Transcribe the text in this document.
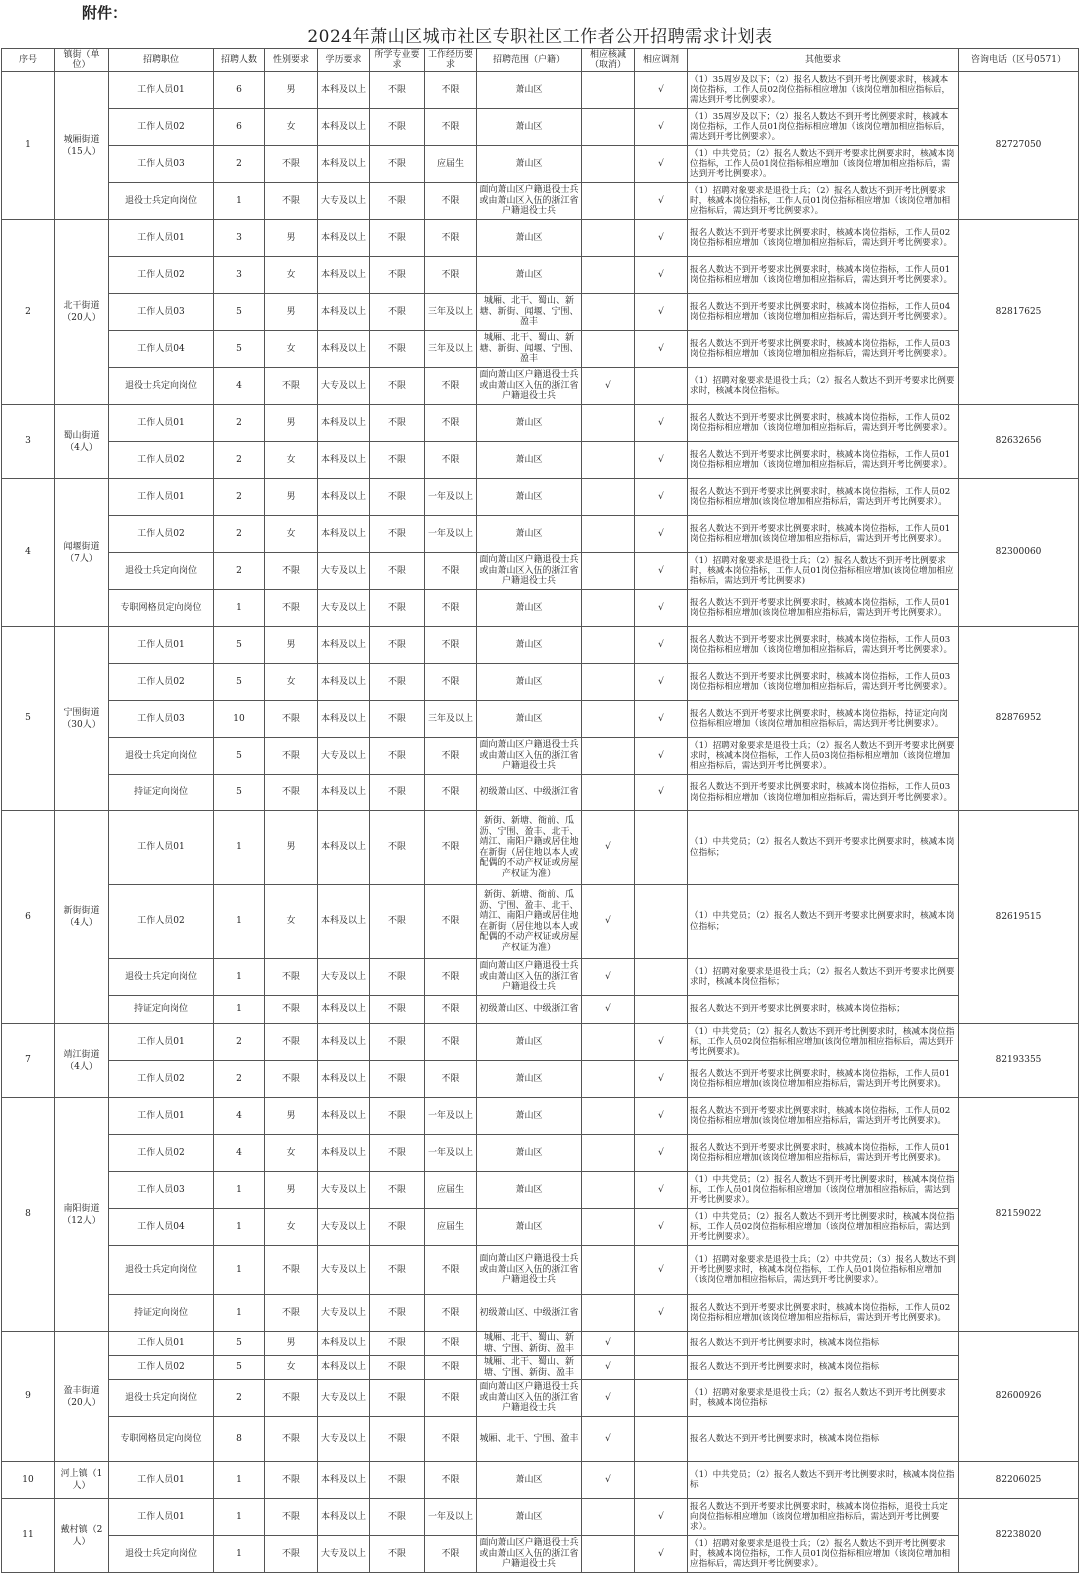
附件：
2024年萧山区城市社区专职社区工作者公开招聘需求计划表
序号	镇街（单位）	招聘职位	招聘人数	性别要求	学历要求	所学专业要求	工作经历要求	招聘范围（户籍）	相应核减（取消）	相应调剂	其他要求	咨询电话（区号0571）
1	城厢街道（15人）	工作人员01	6	男	本科及以上	不限	不限	萧山区		√	（1）35周岁及以下；（2）报名人数达不到开考比例要求时，核减本岗位指标，工作人员02岗位指标相应增加（该岗位增加相应指标后，需达到开考比例要求）。	82727050
		工作人员02	6	女	本科及以上	不限	不限	萧山区		√	（1）35周岁及以下；（2）报名人数达不到开考比例要求时，核减本岗位指标，工作人员01岗位指标相应增加（该岗位增加相应指标后，需达到开考比例要求）。	
		工作人员03	2	不限	本科及以上	不限	应届生	萧山区		√	（1）中共党员；（2）报名人数达不到开考要求比例要求时，核减本岗位指标，工作人员01岗位指标相应增加（该岗位增加相应指标后，需达到开考比例要求）。	
		退役士兵定向岗位	1	不限	大专及以上	不限	不限	面向萧山区户籍退役士兵或由萧山区入伍的浙江省户籍退役士兵		√	（1）招聘对象要求是退役士兵；（2）报名人数达不到开考比例要求时，核减本岗位指标，工作人员01岗位指标相应增加（该岗位增加相应指标后，需达到开考比例要求）。	
2	北干街道（20人）	工作人员01	3	男	本科及以上	不限	不限	萧山区		√	报名人数达不到开考要求比例要求时，核减本岗位指标，工作人员02岗位指标相应增加（该岗位增加相应指标后，需达到开考比例要求）。	82817625
		工作人员02	3	女	本科及以上	不限	不限	萧山区		√	报名人数达不到开考要求比例要求时，核减本岗位指标，工作人员01岗位指标相应增加（该岗位增加相应指标后，需达到开考比例要求）。	
		工作人员03	5	男	本科及以上	不限	三年及以上	城厢、北干、蜀山、新塘、新街、闻堰、宁围、盈丰		√	报名人数达不到开考要求比例要求时，核减本岗位指标，工作人员04岗位指标相应增加（该岗位增加相应指标后，需达到开考比例要求）。	
		工作人员04	5	女	本科及以上	不限	三年及以上	城厢、北干、蜀山、新塘、新街、闻堰、宁围、盈丰		√	报名人数达不到开考要求比例要求时，核减本岗位指标，工作人员03岗位指标相应增加（该岗位增加相应指标后，需达到开考比例要求）。	
		退役士兵定向岗位	4	不限	大专及以上	不限	不限	面向萧山区户籍退役士兵或由萧山区入伍的浙江省户籍退役士兵	√		（1）招聘对象要求是退役士兵；（2）报名人数达不到开考要求比例要求时，核减本岗位指标。	
3	蜀山街道（4人）	工作人员01	2	男	本科及以上	不限	不限	萧山区		√	报名人数达不到开考要求比例要求时，核减本岗位指标，工作人员02岗位指标相应增加（该岗位增加相应指标后，需达到开考比例要求）。	82632656
		工作人员02	2	女	本科及以上	不限	不限	萧山区		√	报名人数达不到开考要求比例要求时，核减本岗位指标，工作人员01岗位指标相应增加（该岗位增加相应指标后，需达到开考比例要求）。	
4	闻堰街道（7人）	工作人员01	2	男	本科及以上	不限	一年及以上	萧山区		√	报名人数达不到开考要求比例要求时，核减本岗位指标，工作人员02岗位指标相应增加(该岗位增加相应指标后，需达到开考比例要求）。	82300060
		工作人员02	2	女	本科及以上	不限	一年及以上	萧山区		√	报名人数达不到开考要求比例要求时，核减本岗位指标，工作人员01岗位指标相应增加(该岗位增加相应指标后，需达到开考比例要求）。	
		退役士兵定向岗位	2	不限	大专及以上	不限	不限	面向萧山区户籍退役士兵或由萧山区入伍的浙江省户籍退役士兵		√	（1）招聘对象要求是退役士兵；（2）报名人数达不到开考比例要求时，核减本岗位指标，工作人员01岗位指标相应增加(该岗位增加相应指标后，需达到开考比例要求)	
		专职网格员定向岗位	1	不限	大专及以上	不限	不限	萧山区		√	报名人数达不到开考要求比例要求时，核减本岗位指标，工作人员01岗位指标相应增加(该岗位增加相应指标后，需达到开考比例要求）。	
5	宁围街道（30人）	工作人员01	5	男	本科及以上	不限	不限	萧山区		√	报名人数达不到开考要求比例要求时，核减本岗位指标，工作人员03岗位指标相应增加（该岗位增加相应指标后，需达到开考比例要求）。	82876952
		工作人员02	5	女	本科及以上	不限	不限	萧山区		√	报名人数达不到开考要求比例要求时，核减本岗位指标，工作人员03岗位指标相应增加（该岗位增加相应指标后，需达到开考比例要求）。	
		工作人员03	10	不限	本科及以上	不限	三年及以上	萧山区		√	报名人数达不到开考要求比例要求时，核减本岗位指标，持证定向岗位指标相应增加（该岗位增加相应指标后，需达到开考比例要求）。	
		退役士兵定向岗位	5	不限	大专及以上	不限	不限	面向萧山区户籍退役士兵或由萧山区入伍的浙江省户籍退役士兵		√	（1）招聘对象要求是退役士兵；（2）报名人数达不到开考要求比例要求时，核减本岗位指标，工作人员03岗位指标相应增加（该岗位增加相应指标后，需达到开考比例要求）。	
		持证定向岗位	5	不限	本科及以上	不限	不限	初级萧山区、中级浙江省		√	报名人数达不到开考要求比例要求时，核减本岗位指标，工作人员03岗位指标相应增加（该岗位增加相应指标后，需达到开考比例要求）。	
6	新街街道（4人）	工作人员01	1	男	本科及以上	不限	不限	新街、新塘、衙前、瓜沥、宁围、盈丰、北干、靖江、南阳户籍或居住地在新街（居住地以本人或配偶的不动产权证或房屋产权证为准）	√		（1）中共党员；（2）报名人数达不到开考要求比例要求时，核减本岗位指标；	82619515
		工作人员02	1	女	本科及以上	不限	不限	新街、新塘、衙前、瓜沥、宁围、盈丰、北干、靖江、南阳户籍或居住地在新街（居住地以本人或配偶的不动产权证或房屋产权证为准）	√		（1）中共党员；（2）报名人数达不到开考要求比例要求时，核减本岗位指标；	
		退役士兵定向岗位	1	不限	大专及以上	不限	不限	面向萧山区户籍退役士兵或由萧山区入伍的浙江省户籍退役士兵	√		（1）招聘对象要求是退役士兵；（2）报名人数达不到开考要求比例要求时，核减本岗位指标；	
		持证定向岗位	1	不限	本科及以上	不限	不限	初级萧山区、中级浙江省	√		报名人数达不到开考要求比例要求时，核减本岗位指标；	
7	靖江街道（4人）	工作人员01	2	不限	本科及以上	不限	不限	萧山区		√	（1）中共党员；（2）报名人数达不到开考比例要求时，核减本岗位指标，工作人员02岗位指标相应增加(该岗位增加相应指标后，需达到开考比例要求)。	82193355
		工作人员02	2	不限	本科及以上	不限	不限	萧山区		√	报名人数达不到开考要求比例要求时，核减本岗位指标，工作人员01岗位指标相应增加(该岗位增加相应指标后，需达到开考比例要求)。	
8	南阳街道（12人）	工作人员01	4	男	本科及以上	不限	一年及以上	萧山区		√	报名人数达不到开考要求比例要求时，核减本岗位指标，工作人员02岗位指标相应增加(该岗位增加相应指标后，需达到开考比例要求)。	82159022
		工作人员02	4	女	本科及以上	不限	一年及以上	萧山区		√	报名人数达不到开考要求比例要求时，核减本岗位指标，工作人员01岗位指标相应增加(该岗位增加相应指标后，需达到开考比例要求)。	
		工作人员03	1	男	大专及以上	不限	应届生	萧山区		√	（1）中共党员；（2）报名人数达不到开考比例要求时，核减本岗位指标，工作人员01岗位指标相应增加（该岗位增加相应指标后，需达到开考比例要求）。	
		工作人员04	1	女	大专及以上	不限	应届生	萧山区		√	（1）中共党员；（2）报名人数达不到开考比例要求时，核减本岗位指标，工作人员02岗位指标相应增加（该岗位增加相应指标后，需达到开考比例要求）。	
		退役士兵定向岗位	1	不限	大专及以上	不限	不限	面向萧山区户籍退役士兵或由萧山区入伍的浙江省户籍退役士兵		√	（1）招聘对象要求是退役士兵；（2）中共党员；（3）报名人数达不到开考比例要求时，核减本岗位指标，工作人员01岗位指标相应增加（该岗位增加相应指标后，需达到开考比例要求）。	
		持证定向岗位	1	不限	大专及以上	不限	不限	初级萧山区、中级浙江省		√	报名人数达不到开考要求比例要求时，核减本岗位指标，工作人员02岗位指标相应增加(该岗位增加相应指标后，需达到开考比例要求)。	
9	盈丰街道（20人）	工作人员01	5	男	本科及以上	不限	不限	城厢、北干、蜀山、新塘、宁围、新街、盈丰	√		报名人数达不到开考比例要求时，核减本岗位指标	82600926
		工作人员02	5	女	本科及以上	不限	不限	城厢、北干、蜀山、新塘、宁围、新街、盈丰	√		报名人数达不到开考比例要求时，核减本岗位指标	
		退役士兵定向岗位	2	不限	大专及以上	不限	不限	面向萧山区户籍退役士兵或由萧山区入伍的浙江省户籍退役士兵	√		（1）招聘对象要求是退役士兵；（2）报名人数达不到开考比例要求时，核减本岗位指标	
		专职网格员定向岗位	8	不限	大专及以上	不限	不限	城厢、北干、宁围、盈丰	√		报名人数达不到开考比例要求时，核减本岗位指标	
10	河上镇（1人）	工作人员01	1	不限	本科及以上	不限	不限	萧山区	√		（1）中共党员；（2）报名人数达不到开考比例要求时，核减本岗位指标	82206025
11	戴村镇（2人）	工作人员01	1	不限	本科及以上	不限	一年及以上	萧山区		√	报名人数达不到开考要求比例要求时，核减本岗位指标，退役士兵定向岗位指标相应增加（该岗位增加相应指标后，需达到开考比例要求）。	82238020
		退役士兵定向岗位	1	不限	大专及以上	不限	不限	面向萧山区户籍退役士兵或由萧山区入伍的浙江省户籍退役士兵		√	（1）招聘对象要求是退役士兵；（2）报名人数达不到开考比例要求时，核减本岗位指标，工作人员01岗位指标相应增加（该岗位增加相应指标后，需达到开考比例要求）。	
